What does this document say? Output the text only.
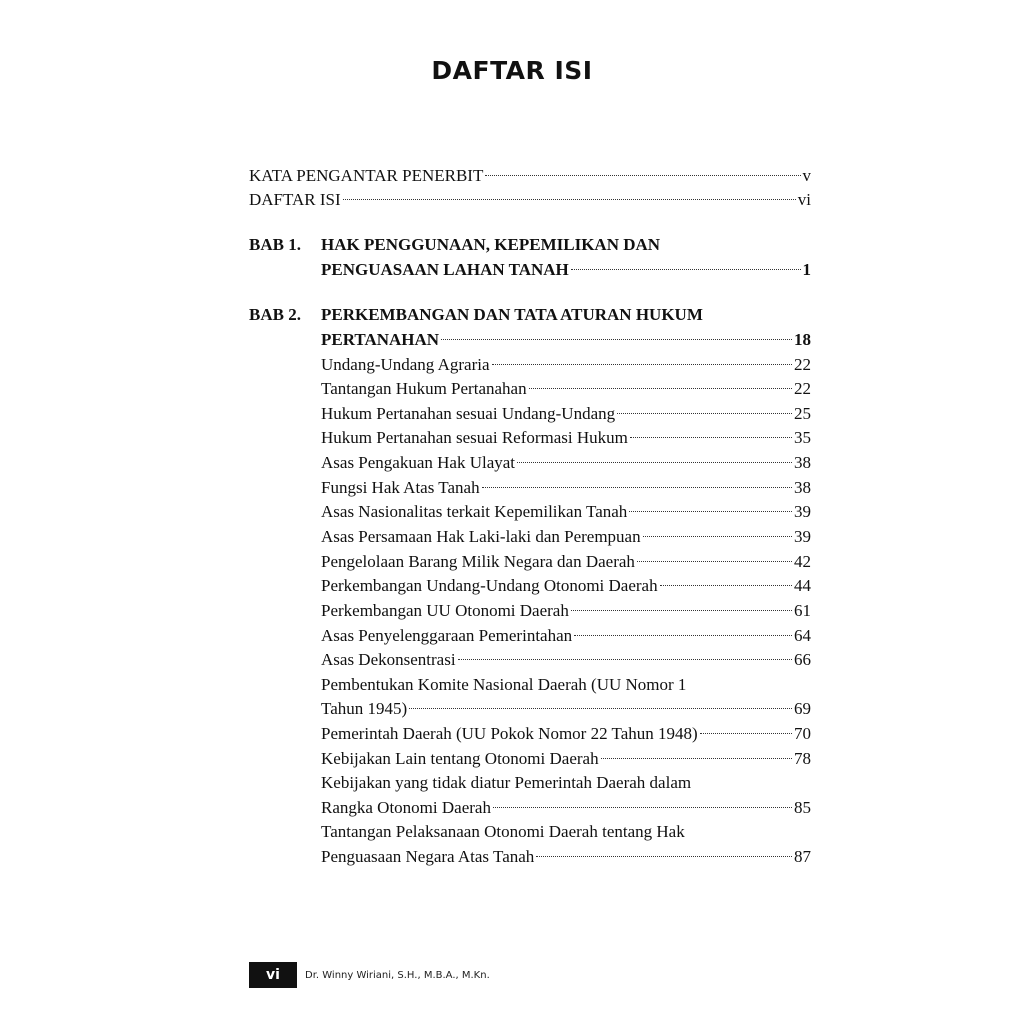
DAFTAR ISI
KATA PENGANTAR PENERBIT	v
DAFTAR ISI	vi
BAB 1. HAK PENGGUNAAN, KEPEMILIKAN DAN
PENGUASAAN LAHAN TANAH	1
BAB 2. PERKEMBANGAN DAN TATA ATURAN HUKUM
PERTANAHAN	18
Undang-Undang Agraria	22
Tantangan Hukum Pertanahan	22
Hukum Pertanahan sesuai Undang-Undang	25
Hukum Pertanahan sesuai Reformasi Hukum	35
Asas Pengakuan Hak Ulayat	38
Fungsi Hak Atas Tanah	38
Asas Nasionalitas terkait Kepemilikan Tanah	39
Asas Persamaan Hak Laki-laki dan Perempuan	39
Pengelolaan Barang Milik Negara dan Daerah	42
Perkembangan Undang-Undang Otonomi Daerah	44
Perkembangan UU Otonomi Daerah	61
Asas Penyelenggaraan Pemerintahan	64
Asas Dekonsentrasi	66
Pembentukan Komite Nasional Daerah (UU Nomor 1
Tahun 1945)	69
Pemerintah Daerah (UU Pokok Nomor 22 Tahun 1948)	70
Kebijakan Lain tentang Otonomi Daerah	78
Kebijakan yang tidak diatur Pemerintah Daerah dalam
Rangka Otonomi Daerah	85
Tantangan Pelaksanaan Otonomi Daerah tentang Hak
Penguasaan Negara Atas Tanah	87
vi	Dr. Winny Wiriani, S.H., M.B.A., M.Kn.
